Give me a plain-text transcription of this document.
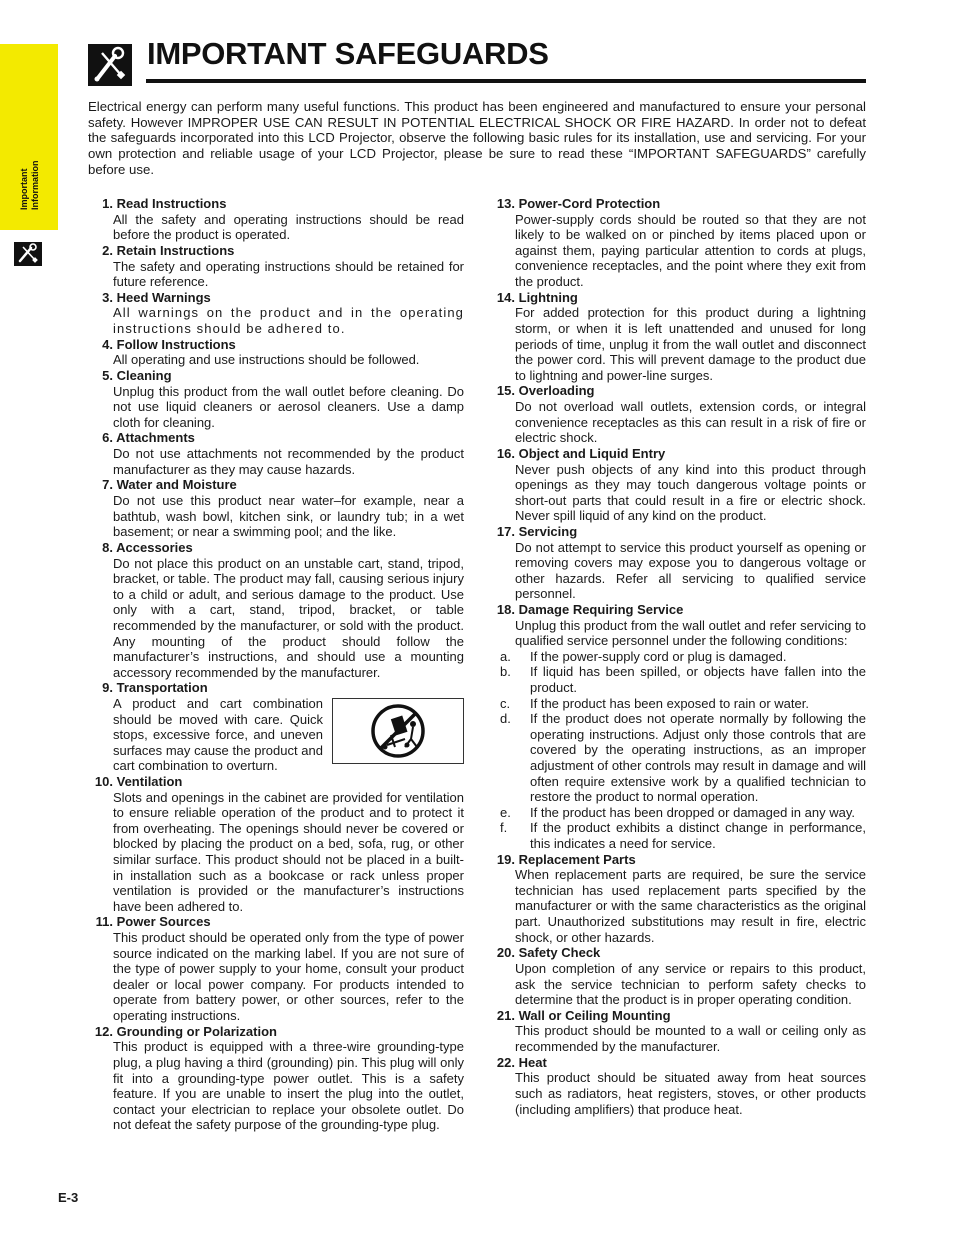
Important Information
IMPORTANT SAFEGUARDS

Electrical energy can perform many useful functions. This product has been engineered and manufactured to ensure your personal safety. However IMPROPER USE CAN RESULT IN POTENTIAL ELECTRICAL SHOCK OR FIRE HAZARD. In order not to defeat the safeguards incorporated into this LCD Projector, observe the following basic rules for its installation, use and servicing. For your own protection and reliable usage of your LCD Projector, please be sure to read these “IMPORTANT SAFEGUARDS” carefully before use.

1. Read Instructions

All the safety and operating instructions should be read before the product is operated.

2. Retain Instructions

The safety and operating instructions should be retained for future reference.

3. Heed Warnings

All warnings on the product and in the operating instructions should be adhered to.

4. Follow Instructions

All operating and use instructions should be followed.

5. Cleaning

Unplug this product from the wall outlet before cleaning. Do not use liquid cleaners or aerosol cleaners. Use a damp cloth for cleaning.

6. Attachments

Do not use attachments not recommended by the product manufacturer as they may cause hazards.

7. Water and Moisture

Do not use this product near water–for example, near a bathtub, wash bowl, kitchen sink, or laundry tub; in a wet basement; or near a swimming pool; and the like.

8. Accessories

Do not place this product on an unstable cart, stand, tripod, bracket, or table. The product may fall, causing serious injury to a child or adult, and serious damage to the product. Use only with a cart, stand, tripod, bracket, or table recommended by the manufacturer, or sold with the product. Any mounting of the product should follow the manufacturer’s instructions, and should use a mounting accessory recommended by the manufacturer.

9. Transportation

A product and cart combination should be moved with care. Quick stops, excessive force, and uneven surfaces may cause the product and cart combination to overturn.

10. Ventilation

Slots and openings in the cabinet are provided for ventilation to ensure reliable operation of the product and to protect it from overheating. The openings should never be covered or blocked by placing the product on a bed, sofa, rug, or other similar surface. This product should not be placed in a built-in installation such as a bookcase or rack unless proper ventilation is provided or the manufacturer’s instructions have been adhered to.

11. Power Sources

This product should be operated only from the type of power source indicated on the marking label. If you are not sure of the type of power supply to your home, consult your product dealer or local power company. For products intended to operate from battery power, or other sources, refer to the operating instructions.

12. Grounding or Polarization

This product is equipped with a three-wire grounding-type plug, a plug having a third (grounding) pin. This plug will only fit into a grounding-type power outlet. This is a safety feature. If you are unable to insert the plug into the outlet, contact your electrician to replace your obsolete outlet. Do not defeat the safety purpose of the grounding-type plug.

13. Power-Cord Protection

Power-supply cords should be routed so that they are not likely to be walked on or pinched by items placed upon or against them, paying particular attention to cords at plugs, convenience receptacles, and the point where they exit from the product.

14. Lightning

For added protection for this product during a lightning storm, or when it is left unattended and unused for long periods of time, unplug it from the wall outlet and disconnect the power cord. This will prevent damage to the product due to lightning and power-line surges.

15. Overloading

Do not overload wall outlets, extension cords, or integral convenience receptacles as this can result in a risk of fire or electric shock.

16. Object and Liquid Entry

Never push objects of any kind into this product through openings as they may touch dangerous voltage points or short-out parts that could result in a fire or electric shock. Never spill liquid of any kind on the product.

17. Servicing

Do not attempt to service this product yourself as opening or removing covers may expose you to dangerous voltage or other hazards. Refer all servicing to qualified service personnel.

18. Damage Requiring Service

Unplug this product from the wall outlet and refer servicing to qualified service personnel under the following conditions:

a. If the power-supply cord or plug is damaged.

b. If liquid has been spilled, or objects have fallen into the product.

c. If the product has been exposed to rain or water.

d. If the product does not operate normally by following the operating instructions. Adjust only those controls that are covered by the operating instructions, as an improper adjustment of other controls may result in damage and will often require extensive work by a qualified technician to restore the product to normal operation.

e. If the product has been dropped or damaged in any way.

f. If the product exhibits a distinct change in performance, this indicates a need for service.

19. Replacement Parts

When replacement parts are required, be sure the service technician has used replacement parts specified by the manufacturer or with the same characteristics as the original part. Unauthorized substitutions may result in fire, electric shock, or other hazards.

20. Safety Check

Upon completion of any service or repairs to this product, ask the service technician to perform safety checks to determine that the product is in proper operating condition.

21. Wall or Ceiling Mounting

This product should be mounted to a wall or ceiling only as recommended by the manufacturer.

22. Heat

This product should be situated away from heat sources such as radiators, heat registers, stoves, or other products (including amplifiers) that produce heat.

E-3
